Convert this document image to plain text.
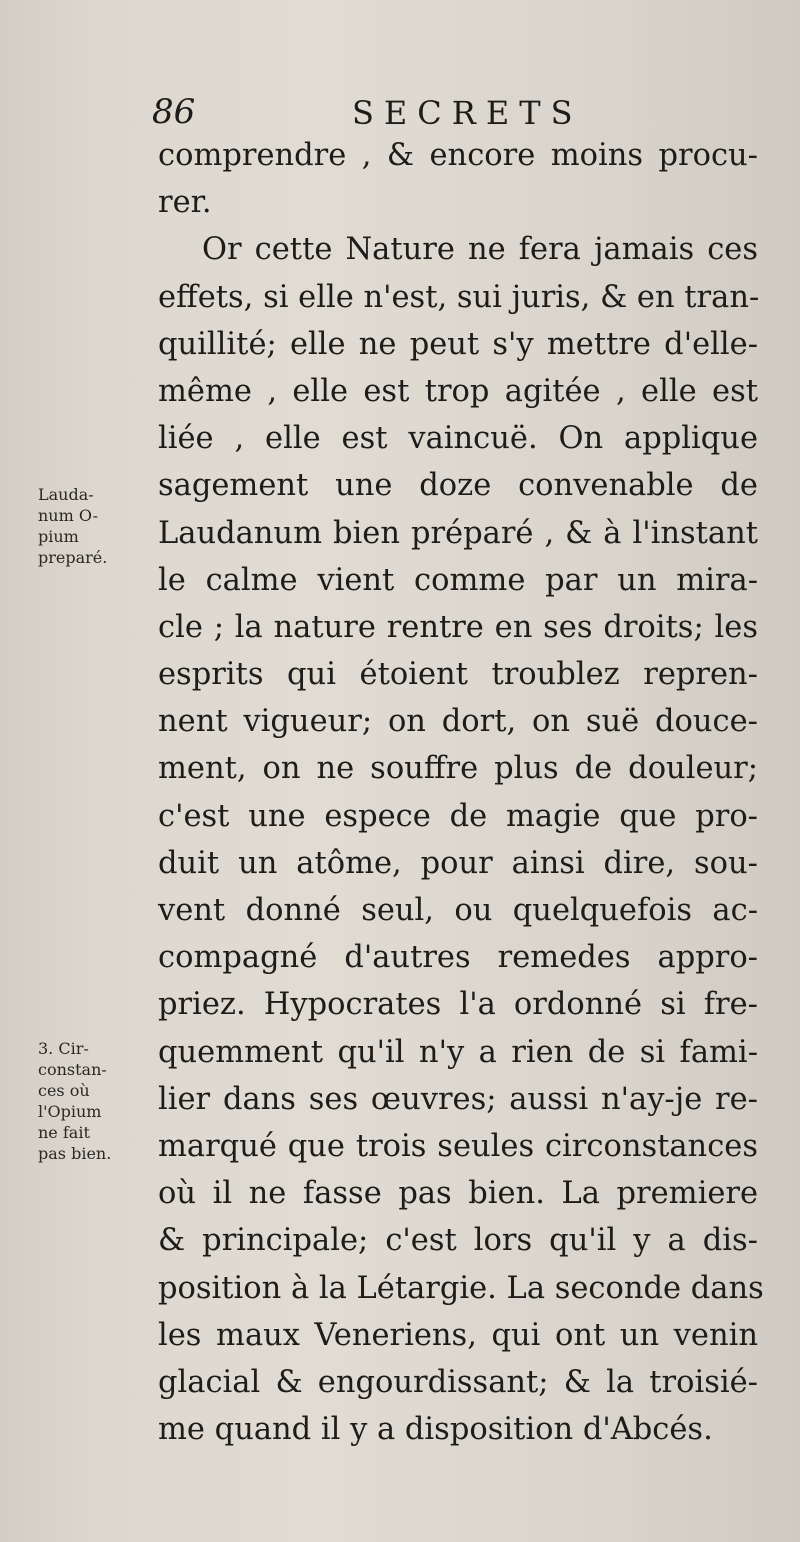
86	SECRETS
comprendre , & encore moins procu-
rer.
Or cette Nature ne fera jamais ces
effets, si elle n'est, sui juris, & en tran-
quillité; elle ne peut s'y mettre d'elle-
même , elle est trop agitée , elle est
liée , elle est vaincuë. On applique
sagement une doze convenable de
Laudanum bien préparé , & à l'instant
le calme vient comme par un mira-
cle ; la nature rentre en ses droits; les
esprits qui étoient troublez repren-
nent vigueur; on dort, on suë douce-
ment, on ne souffre plus de douleur;
c'est une espece de magie que pro-
duit un atôme, pour ainsi dire, sou-
vent donné seul, ou quelquefois ac-
compagné d'autres remedes appro-
priez. Hypocrates l'a ordonné si fre-
quemment qu'il n'y a rien de si fami-
lier dans ses œuvres; aussi n'ay-je re-
marqué que trois seules circonstances
où il ne fasse pas bien. La premiere
& principale; c'est lors qu'il y a dis-
position à la Létargie. La seconde dans
les maux Veneriens, qui ont un venin
glacial & engourdissant; & la troisié-
me quand il y a disposition d'Abcés.
Lauda-
num O-
pium
preparé.
3. Cir-
constan-
ces où
l'Opium
ne fait
pas bien.
